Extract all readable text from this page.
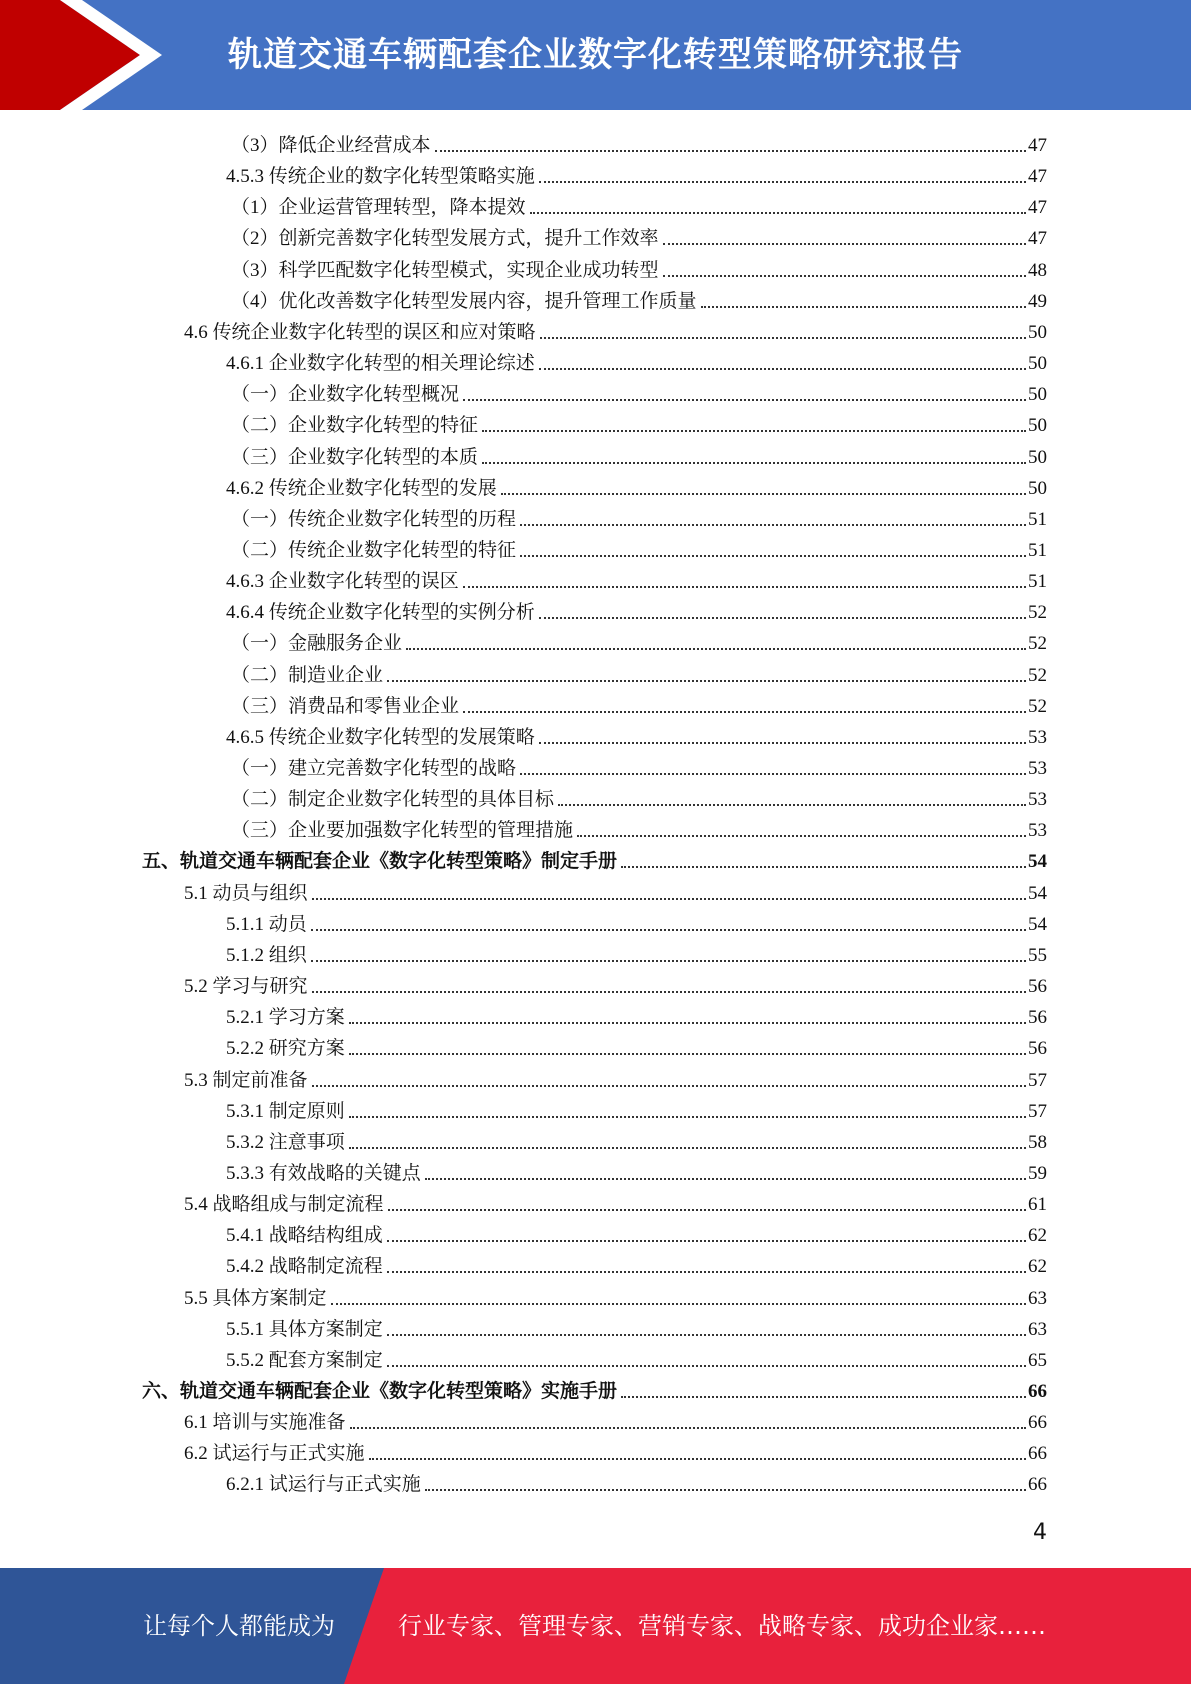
轨道交通车辆配套企业数字化转型策略研究报告
（3）降低企业经营成本	47
4.5.3 传统企业的数字化转型策略实施	47
（1）企业运营管理转型，降本提效	47
（2）创新完善数字化转型发展方式，提升工作效率	47
（3）科学匹配数字化转型模式，实现企业成功转型	48
（4）优化改善数字化转型发展内容，提升管理工作质量	49
4.6 传统企业数字化转型的误区和应对策略	50
4.6.1 企业数字化转型的相关理论综述	50
（一）企业数字化转型概况	50
（二）企业数字化转型的特征	50
（三）企业数字化转型的本质	50
4.6.2 传统企业数字化转型的发展	50
（一）传统企业数字化转型的历程	51
（二）传统企业数字化转型的特征	51
4.6.3 企业数字化转型的误区	51
4.6.4 传统企业数字化转型的实例分析	52
（一）金融服务企业	52
（二）制造业企业	52
（三）消费品和零售业企业	52
4.6.5 传统企业数字化转型的发展策略	53
（一）建立完善数字化转型的战略	53
（二）制定企业数字化转型的具体目标	53
（三）企业要加强数字化转型的管理措施	53
五、轨道交通车辆配套企业《数字化转型策略》制定手册	54
5.1 动员与组织	54
5.1.1 动员	54
5.1.2 组织	55
5.2 学习与研究	56
5.2.1 学习方案	56
5.2.2 研究方案	56
5.3 制定前准备	57
5.3.1 制定原则	57
5.3.2 注意事项	58
5.3.3 有效战略的关键点	59
5.4 战略组成与制定流程	61
5.4.1 战略结构组成	62
5.4.2 战略制定流程	62
5.5 具体方案制定	63
5.5.1 具体方案制定	63
5.5.2 配套方案制定	65
六、轨道交通车辆配套企业《数字化转型策略》实施手册	66
6.1 培训与实施准备	66
6.2 试运行与正式实施	66
6.2.1 试运行与正式实施	66
4
让每个人都能成为	行业专家、管理专家、营销专家、战略专家、成功企业家……
